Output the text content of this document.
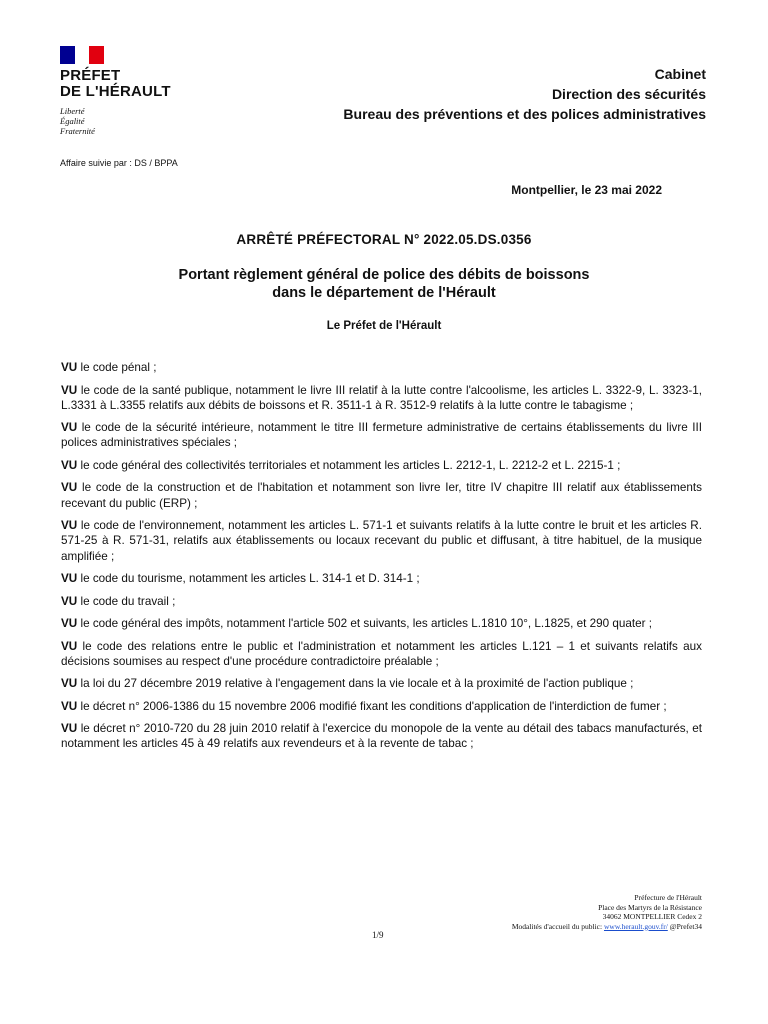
PRÉFET
DE L'HÉRAULT
Liberté
Égalité
Fraternité
Cabinet
Direction des sécurités
Bureau des préventions et des polices administratives
Affaire suivie par : DS / BPPA
Montpellier, le 23 mai 2022
ARRÊTÉ PRÉFECTORAL N° 2022.05.DS.0356
Portant règlement général de police des débits de boissons
dans le département de l'Hérault
Le Préfet de l'Hérault

VU le code pénal ;

VU le code de la santé publique, notamment le livre III relatif à la lutte contre l'alcoolisme, les articles L. 3322-9, L. 3323-1, L.3331 à L.3355 relatifs aux débits de boissons et R. 3511-1 à R. 3512-9 relatifs à la lutte contre le tabagisme ;

VU le code de la sécurité intérieure, notamment le titre III fermeture administrative de certains établissements du livre III polices administratives spéciales ;

VU le code général des collectivités territoriales et notamment les articles L. 2212-1, L. 2212-2 et L. 2215-1 ;

VU le code de la construction et de l'habitation et notamment son livre Ier, titre IV chapitre III relatif aux établissements recevant du public (ERP) ;

VU le code de l'environnement, notamment les articles L. 571-1 et suivants relatifs à la lutte contre le bruit et les articles R. 571-25 à R. 571-31, relatifs aux établissements ou locaux recevant du public et diffusant, à titre habituel, de la musique amplifiée ;

VU le code du tourisme, notamment les articles L. 314-1 et D. 314-1 ;

VU le code du travail ;

VU le code général des impôts, notamment l'article 502 et suivants, les articles L.1810 10°, L.1825, et 290 quater ;

VU le code des relations entre le public et l'administration et notamment les articles L.121 – 1 et suivants relatifs aux décisions soumises au respect d'une procédure contradictoire préalable ;

VU la loi du 27 décembre 2019 relative à l'engagement dans la vie locale et à la proximité de l'action publique ;

VU le décret n° 2006-1386 du 15 novembre 2006 modifié fixant les conditions d'application de l'interdiction de fumer ;

VU le décret n° 2010-720 du 28 juin 2010 relatif à l'exercice du monopole de la vente au détail des tabacs manufacturés, et notamment les articles 45 à 49 relatifs aux revendeurs et à la revente de tabac ;

Préfecture de l'Hérault
Place des Martyrs de la Résistance
34062 MONTPELLIER Cedex 2
Modalités d'accueil du public: www.herault.gouv.fr/ @Prefet34
1/9
